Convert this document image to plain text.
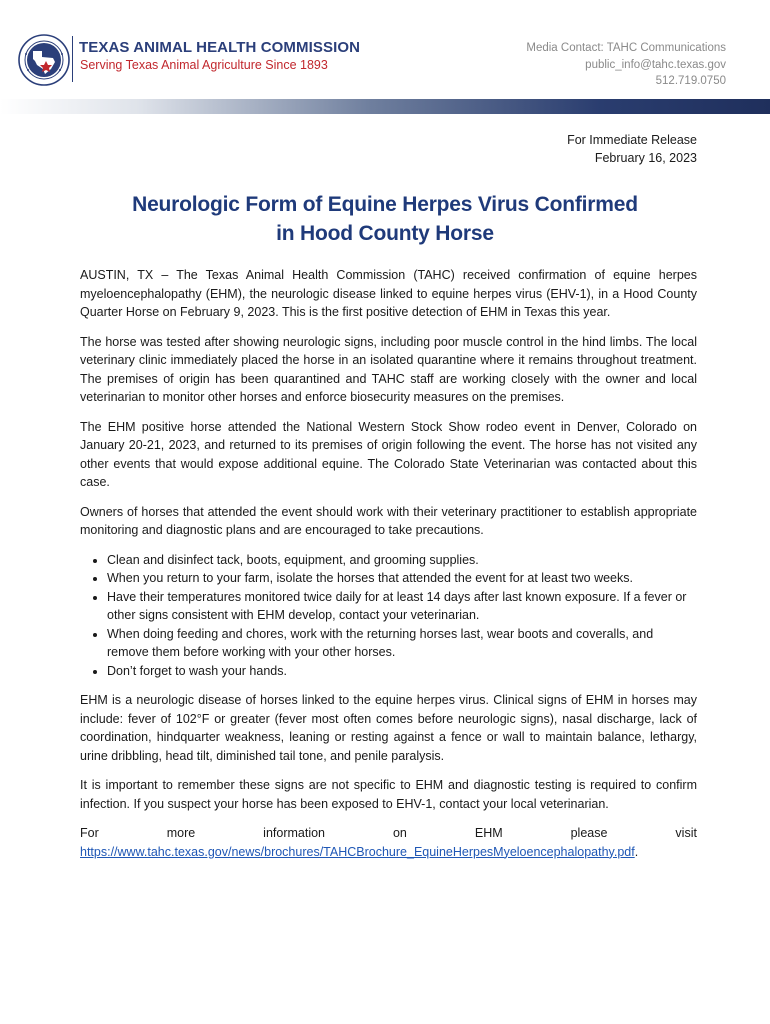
TEXAS ANIMAL HEALTH COMMISSION
Serving Texas Animal Agriculture Since 1893
Media Contact: TAHC Communications
public_info@tahc.texas.gov
512.719.0750
For Immediate Release
February 16, 2023
Neurologic Form of Equine Herpes Virus Confirmed
in Hood County Horse

AUSTIN, TX – The Texas Animal Health Commission (TAHC) received confirmation of equine herpes myeloencephalopathy (EHM), the neurologic disease linked to equine herpes virus (EHV-1), in a Hood County Quarter Horse on February 9, 2023. This is the first positive detection of EHM in Texas this year.

The horse was tested after showing neurologic signs, including poor muscle control in the hind limbs. The local veterinary clinic immediately placed the horse in an isolated quarantine where it remains throughout treatment. The premises of origin has been quarantined and TAHC staff are working closely with the owner and local veterinarian to monitor other horses and enforce biosecurity measures on the premises.

The EHM positive horse attended the National Western Stock Show rodeo event in Denver, Colorado on January 20-21, 2023, and returned to its premises of origin following the event. The horse has not visited any other events that would expose additional equine. The Colorado State Veterinarian was contacted about this case.

Owners of horses that attended the event should work with their veterinary practitioner to establish appropriate monitoring and diagnostic plans and are encouraged to take precautions.

• Clean and disinfect tack, boots, equipment, and grooming supplies.
• When you return to your farm, isolate the horses that attended the event for at least two weeks.
• Have their temperatures monitored twice daily for at least 14 days after last known exposure. If a fever or other signs consistent with EHM develop, contact your veterinarian.
• When doing feeding and chores, work with the returning horses last, wear boots and coveralls, and remove them before working with your other horses.
• Don’t forget to wash your hands.

EHM is a neurologic disease of horses linked to the equine herpes virus. Clinical signs of EHM in horses may include: fever of 102°F or greater (fever most often comes before neurologic signs), nasal discharge, lack of coordination, hindquarter weakness, leaning or resting against a fence or wall to maintain balance, lethargy, urine dribbling, head tilt, diminished tail tone, and penile paralysis.

It is important to remember these signs are not specific to EHM and diagnostic testing is required to confirm infection. If you suspect your horse has been exposed to EHV-1, contact your local veterinarian.

For	more	information	on	EHM	please	visit
https://www.tahc.texas.gov/news/brochures/TAHCBrochure_EquineHerpesMyeloencephalopathy.pdf.
